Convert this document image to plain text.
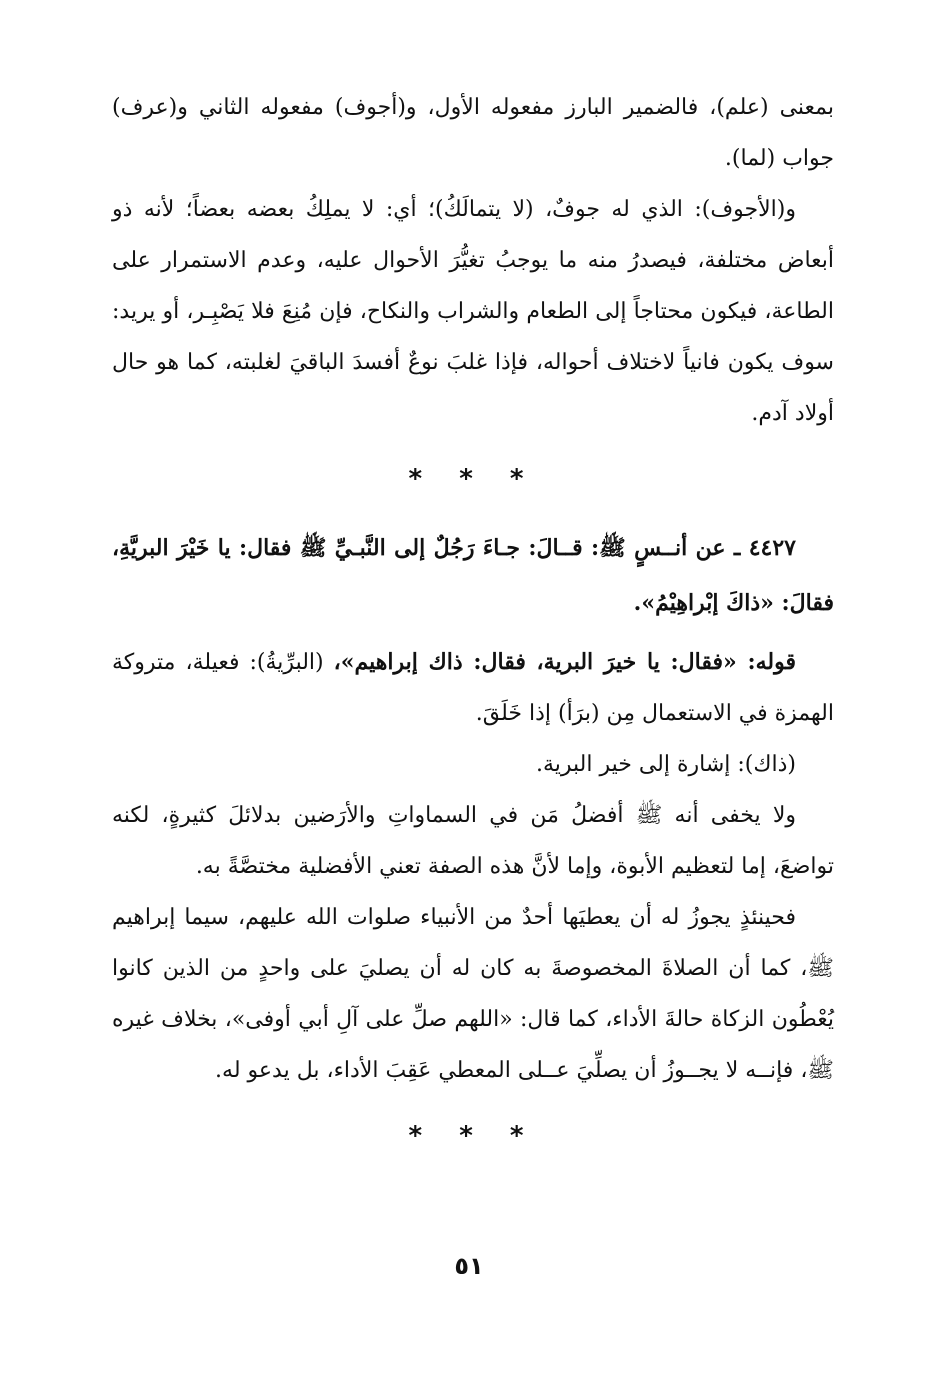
بمعنى (علم)، فالضمير البارز مفعوله الأول، و(أجوف) مفعوله الثاني و(عرف) جواب (لما).

و(الأجوف): الذي له جوفٌ، (لا يتمالَكُ)؛ أي: لا يملِكُ بعضه بعضاً؛ لأنه ذو أبعاض مختلفة، فيصدرُ منه ما يوجبُ تغيُّرَ الأحوال عليه، وعدم الاستمرار على الطاعة، فيكون محتاجاً إلى الطعام والشراب والنكاح، فإن مُنِعَ فلا يَصْبِـر، أو يريد: سوف يكون فانياً لاختلاف أحواله، فإذا غلبَ نوعٌ أفسدَ الباقيَ لغلبته، كما هو حال أولاد آدم.

* * *

٤٤٢٧ ـ عن أنــسٍ ﷺ: قــالَ: جـاءَ رَجُلٌ إلى النَّبـيِّ ﷺ فقال: يا خَيْرَ البريَّةِ، فقالَ: «ذاكَ إبْراهِيْمُ».

قوله: «فقال: يا خيرَ البرية، فقال: ذاك إبراهيم»، (البرِّيةُ): فعيلة، متروكة الهمزة في الاستعمال مِن (برَأ) إذا خَلَقَ.

(ذاك): إشارة إلى خير البرية.

ولا يخفى أنه ﷺ أفضلُ مَن في السماواتِ والأرَضين بدلائلَ كثيرةٍ، لكنه تواضعَ، إما لتعظيم الأبوة، وإما لأنَّ هذه الصفة تعني الأفضلية مختصَّةً به.

فحينئذٍ يجوزُ له أن يعطيَها أحدٌ من الأنبياء صلوات الله عليهم، سيما إبراهيم ﷺ، كما أن الصلاةَ المخصوصةَ به كان له أن يصليَ على واحدٍ من الذين كانوا يُعْطُون الزكاة حالةَ الأداء، كما قال: «اللهم صلِّ على آلِ أبي أوفى»، بخلاف غيره ﷺ، فإنــه لا يجــوزُ أن يصلِّيَ عــلى المعطي عَقِبَ الأداء، بل يدعو له.

* * *
٥١
